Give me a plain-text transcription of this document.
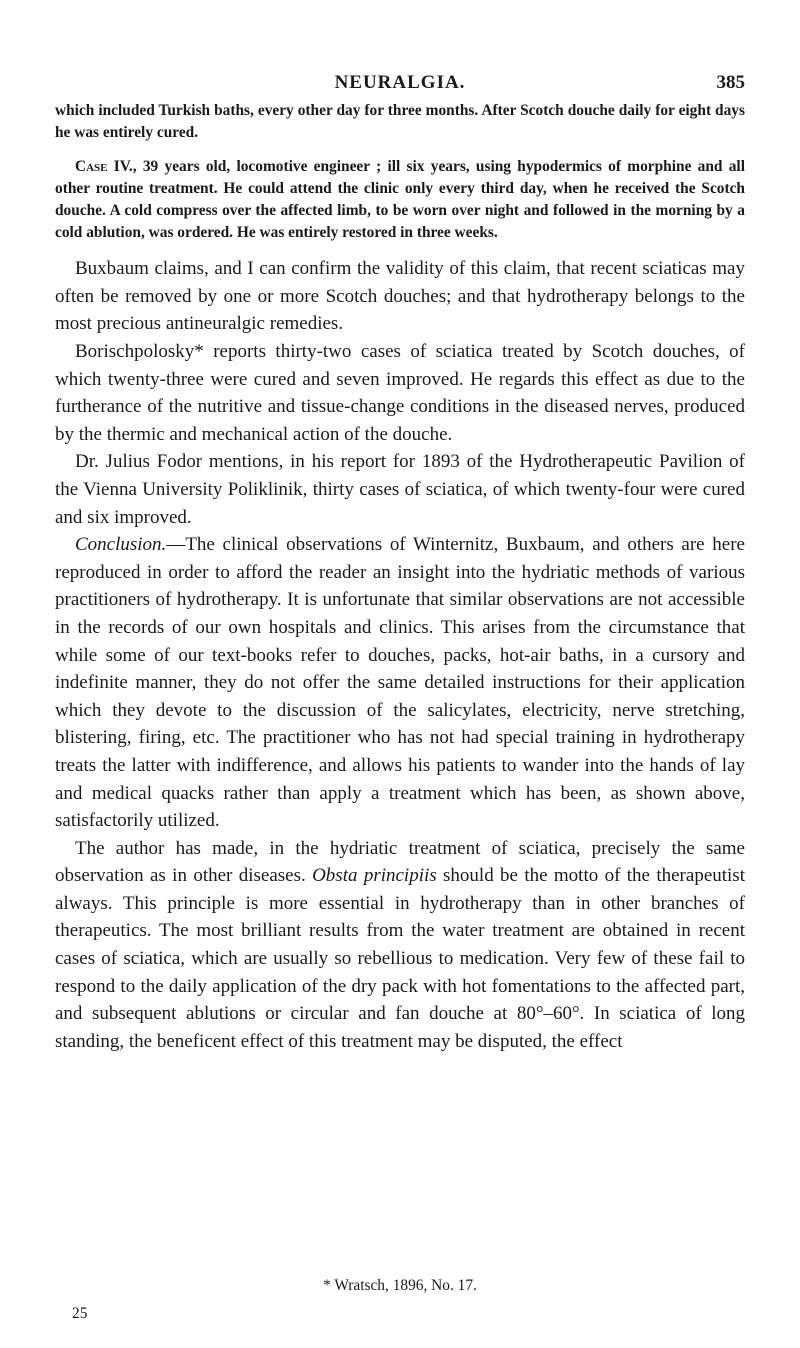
NEURALGIA.	385

which included Turkish baths, every other day for three months. After Scotch douche daily for eight days he was entirely cured.

Case IV., 39 years old, locomotive engineer ; ill six years, using hypodermics of morphine and all other routine treatment. He could attend the clinic only every third day, when he received the Scotch douche. A cold compress over the affected limb, to be worn over night and followed in the morning by a cold ablution, was ordered. He was entirely restored in three weeks.

Buxbaum claims, and I can confirm the validity of this claim, that recent sciaticas may often be removed by one or more Scotch douches; and that hydrotherapy belongs to the most precious antineuralgic remedies.

Borischpolosky* reports thirty-two cases of sciatica treated by Scotch douches, of which twenty-three were cured and seven improved. He regards this effect as due to the furtherance of the nutritive and tissue-change conditions in the diseased nerves, produced by the thermic and mechanical action of the douche.

Dr. Julius Fodor mentions, in his report for 1893 of the Hydrotherapeutic Pavilion of the Vienna University Poliklinik, thirty cases of sciatica, of which twenty-four were cured and six improved.

Conclusion.—The clinical observations of Winternitz, Buxbaum, and others are here reproduced in order to afford the reader an insight into the hydriatic methods of various practitioners of hydrotherapy. It is unfortunate that similar observations are not accessible in the records of our own hospitals and clinics. This arises from the circumstance that while some of our text-books refer to douches, packs, hot-air baths, in a cursory and indefinite manner, they do not offer the same detailed instructions for their application which they devote to the discussion of the salicylates, electricity, nerve stretching, blistering, firing, etc. The practitioner who has not had special training in hydrotherapy treats the latter with indifference, and allows his patients to wander into the hands of lay and medical quacks rather than apply a treatment which has been, as shown above, satisfactorily utilized.

The author has made, in the hydriatic treatment of sciatica, precisely the same observation as in other diseases. Obsta principiis should be the motto of the therapeutist always. This principle is more essential in hydrotherapy than in other branches of therapeutics. The most brilliant results from the water treatment are obtained in recent cases of sciatica, which are usually so rebellious to medication. Very few of these fail to respond to the daily application of the dry pack with hot fomentations to the affected part, and subsequent ablutions or circular and fan douche at 80°–60°. In sciatica of long standing, the beneficent effect of this treatment may be disputed, the effect

* Wratsch, 1896, No. 17.
25
